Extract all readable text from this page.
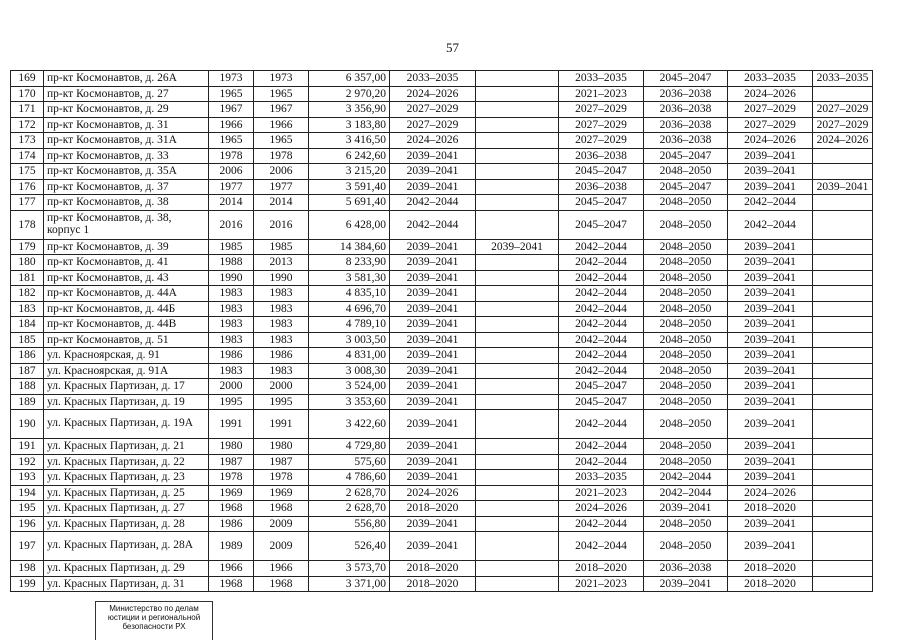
57
169	пр-кт Космонавтов, д. 26А	1973	1973	6 357,00	2033–2035		2033–2035	2045–2047	2033–2035	2033–2035
170	пр-кт Космонавтов, д. 27	1965	1965	2 970,20	2024–2026		2021–2023	2036–2038	2024–2026	
171	пр-кт Космонавтов, д. 29	1967	1967	3 356,90	2027–2029		2027–2029	2036–2038	2027–2029	2027–2029
172	пр-кт Космонавтов, д. 31	1966	1966	3 183,80	2027–2029		2027–2029	2036–2038	2027–2029	2027–2029
173	пр-кт Космонавтов, д. 31А	1965	1965	3 416,50	2024–2026		2027–2029	2036–2038	2024–2026	2024–2026
174	пр-кт Космонавтов, д. 33	1978	1978	6 242,60	2039–2041		2036–2038	2045–2047	2039–2041	
175	пр-кт Космонавтов, д. 35А	2006	2006	3 215,20	2039–2041		2045–2047	2048–2050	2039–2041	
176	пр-кт Космонавтов, д. 37	1977	1977	3 591,40	2039–2041		2036–2038	2045–2047	2039–2041	2039–2041
177	пр-кт Космонавтов, д. 38	2014	2014	5 691,40	2042–2044		2045–2047	2048–2050	2042–2044	
178	пр-кт Космонавтов, д. 38, корпус 1	2016	2016	6 428,00	2042–2044		2045–2047	2048–2050	2042–2044	
179	пр-кт Космонавтов, д. 39	1985	1985	14 384,60	2039–2041	2039–2041	2042–2044	2048–2050	2039–2041	
180	пр-кт Космонавтов, д. 41	1988	2013	8 233,90	2039–2041		2042–2044	2048–2050	2039–2041	
181	пр-кт Космонавтов, д. 43	1990	1990	3 581,30	2039–2041		2042–2044	2048–2050	2039–2041	
182	пр-кт Космонавтов, д. 44А	1983	1983	4 835,10	2039–2041		2042–2044	2048–2050	2039–2041	
183	пр-кт Космонавтов, д. 44Б	1983	1983	4 696,70	2039–2041		2042–2044	2048–2050	2039–2041	
184	пр-кт Космонавтов, д. 44В	1983	1983	4 789,10	2039–2041		2042–2044	2048–2050	2039–2041	
185	пр-кт Космонавтов, д. 51	1983	1983	3 003,50	2039–2041		2042–2044	2048–2050	2039–2041	
186	ул. Красноярская, д. 91	1986	1986	4 831,00	2039–2041		2042–2044	2048–2050	2039–2041	
187	ул. Красноярская, д. 91А	1983	1983	3 008,30	2039–2041		2042–2044	2048–2050	2039–2041	
188	ул. Красных Партизан, д. 17	2000	2000	3 524,00	2039–2041		2045–2047	2048–2050	2039–2041	
189	ул. Красных Партизан, д. 19	1995	1995	3 353,60	2039–2041		2045–2047	2048–2050	2039–2041	
190	ул. Красных Партизан, д. 19А	1991	1991	3 422,60	2039–2041		2042–2044	2048–2050	2039–2041	
191	ул. Красных Партизан, д. 21	1980	1980	4 729,80	2039–2041		2042–2044	2048–2050	2039–2041	
192	ул. Красных Партизан, д. 22	1987	1987	575,60	2039–2041		2042–2044	2048–2050	2039–2041	
193	ул. Красных Партизан, д. 23	1978	1978	4 786,60	2039–2041		2033–2035	2042–2044	2039–2041	
194	ул. Красных Партизан, д. 25	1969	1969	2 628,70	2024–2026		2021–2023	2042–2044	2024–2026	
195	ул. Красных Партизан, д. 27	1968	1968	2 628,70	2018–2020		2024–2026	2039–2041	2018–2020	
196	ул. Красных Партизан, д. 28	1986	2009	556,80	2039–2041		2042–2044	2048–2050	2039–2041	
197	ул. Красных Партизан, д. 28А	1989	2009	526,40	2039–2041		2042–2044	2048–2050	2039–2041	
198	ул. Красных Партизан, д. 29	1966	1966	3 573,70	2018–2020		2018–2020	2036–2038	2018–2020	
199	ул. Красных Партизан, д. 31	1968	1968	3 371,00	2018–2020		2021–2023	2039–2041	2018–2020	
Министерство по делам
юстиции и региональной
безопасности РХ
